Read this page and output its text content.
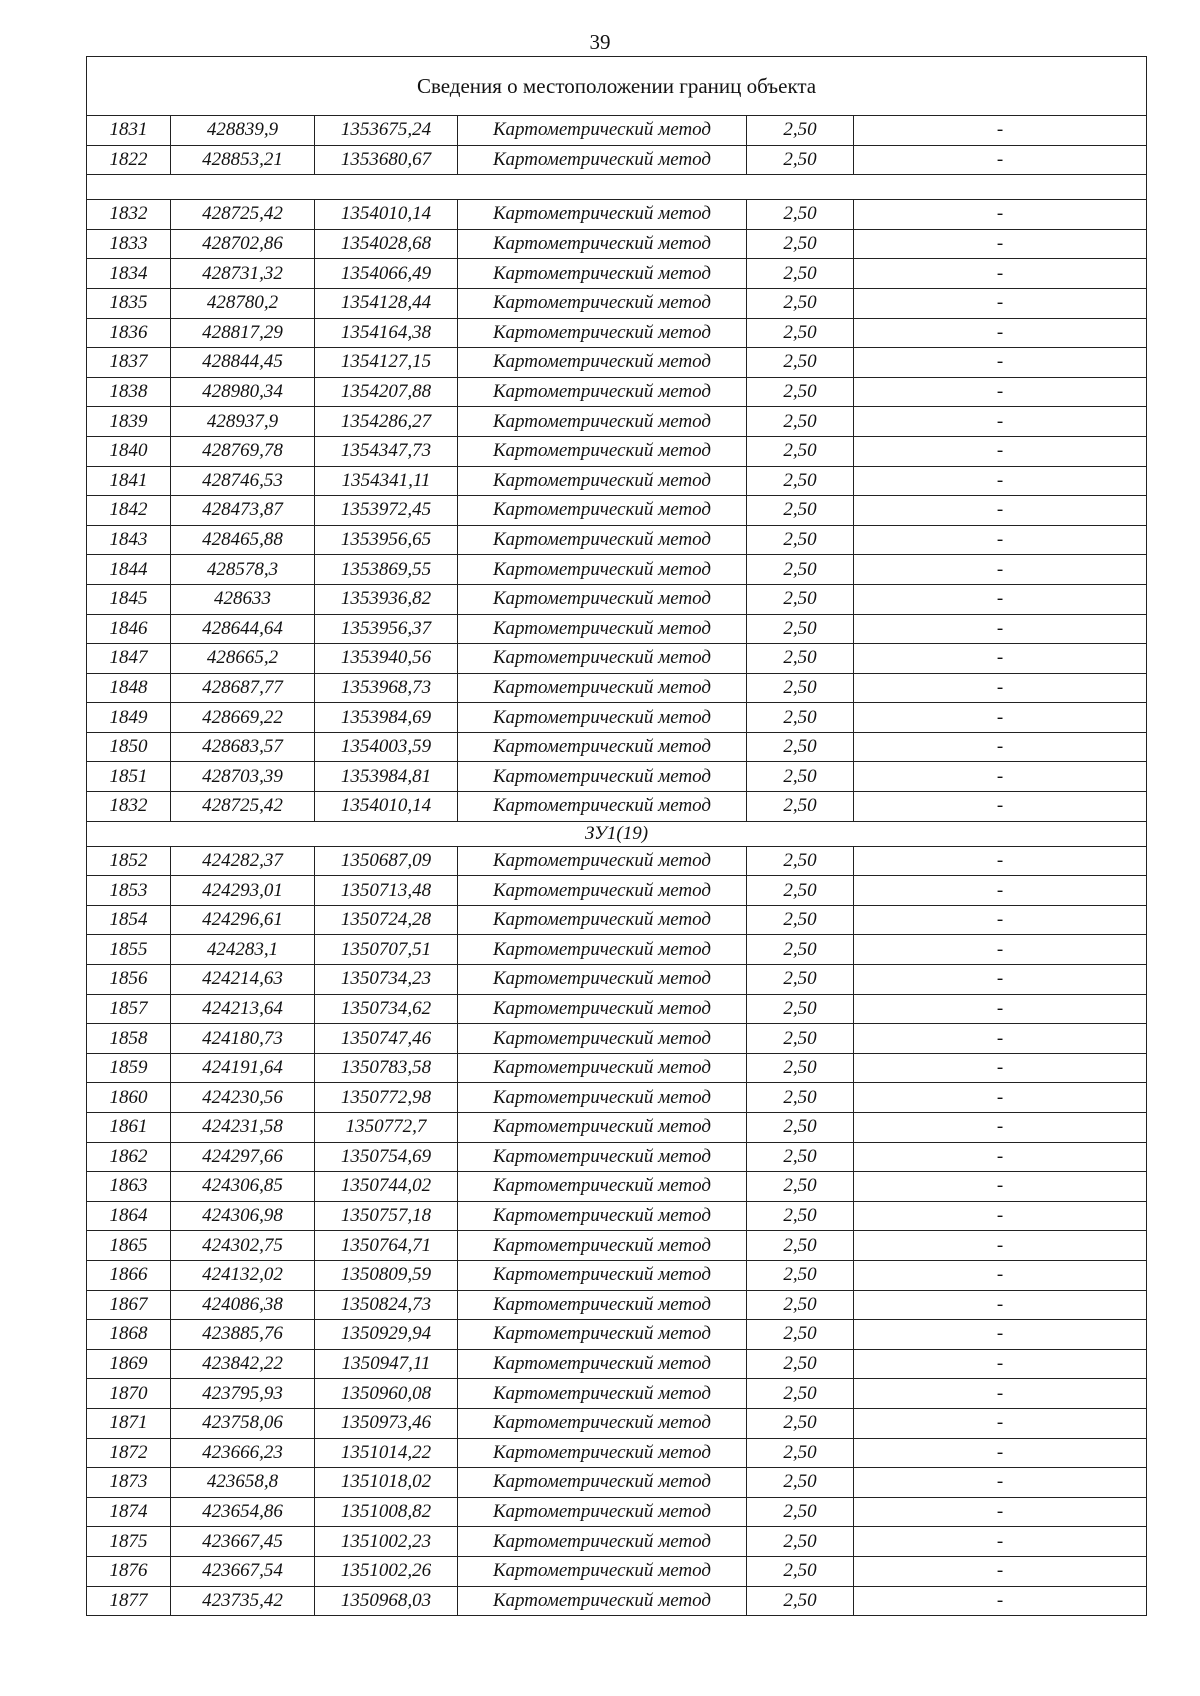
39
Сведения о местоположении границ объекта					
1831	428839,9	1353675,24	Картометрический метод	2,50	-
1822	428853,21	1353680,67	Картометрический метод	2,50	-

1832	428725,42	1354010,14	Картометрический метод	2,50	-
1833	428702,86	1354028,68	Картометрический метод	2,50	-
1834	428731,32	1354066,49	Картометрический метод	2,50	-
1835	428780,2	1354128,44	Картометрический метод	2,50	-
1836	428817,29	1354164,38	Картометрический метод	2,50	-
1837	428844,45	1354127,15	Картометрический метод	2,50	-
1838	428980,34	1354207,88	Картометрический метод	2,50	-
1839	428937,9	1354286,27	Картометрический метод	2,50	-
1840	428769,78	1354347,73	Картометрический метод	2,50	-
1841	428746,53	1354341,11	Картометрический метод	2,50	-
1842	428473,87	1353972,45	Картометрический метод	2,50	-
1843	428465,88	1353956,65	Картометрический метод	2,50	-
1844	428578,3	1353869,55	Картометрический метод	2,50	-
1845	428633	1353936,82	Картометрический метод	2,50	-
1846	428644,64	1353956,37	Картометрический метод	2,50	-
1847	428665,2	1353940,56	Картометрический метод	2,50	-
1848	428687,77	1353968,73	Картометрический метод	2,50	-
1849	428669,22	1353984,69	Картометрический метод	2,50	-
1850	428683,57	1354003,59	Картометрический метод	2,50	-
1851	428703,39	1353984,81	Картометрический метод	2,50	-
1832	428725,42	1354010,14	Картометрический метод	2,50	-
ЗУ1(19)					
1852	424282,37	1350687,09	Картометрический метод	2,50	-
1853	424293,01	1350713,48	Картометрический метод	2,50	-
1854	424296,61	1350724,28	Картометрический метод	2,50	-
1855	424283,1	1350707,51	Картометрический метод	2,50	-
1856	424214,63	1350734,23	Картометрический метод	2,50	-
1857	424213,64	1350734,62	Картометрический метод	2,50	-
1858	424180,73	1350747,46	Картометрический метод	2,50	-
1859	424191,64	1350783,58	Картометрический метод	2,50	-
1860	424230,56	1350772,98	Картометрический метод	2,50	-
1861	424231,58	1350772,7	Картометрический метод	2,50	-
1862	424297,66	1350754,69	Картометрический метод	2,50	-
1863	424306,85	1350744,02	Картометрический метод	2,50	-
1864	424306,98	1350757,18	Картометрический метод	2,50	-
1865	424302,75	1350764,71	Картометрический метод	2,50	-
1866	424132,02	1350809,59	Картометрический метод	2,50	-
1867	424086,38	1350824,73	Картометрический метод	2,50	-
1868	423885,76	1350929,94	Картометрический метод	2,50	-
1869	423842,22	1350947,11	Картометрический метод	2,50	-
1870	423795,93	1350960,08	Картометрический метод	2,50	-
1871	423758,06	1350973,46	Картометрический метод	2,50	-
1872	423666,23	1351014,22	Картометрический метод	2,50	-
1873	423658,8	1351018,02	Картометрический метод	2,50	-
1874	423654,86	1351008,82	Картометрический метод	2,50	-
1875	423667,45	1351002,23	Картометрический метод	2,50	-
1876	423667,54	1351002,26	Картометрический метод	2,50	-
1877	423735,42	1350968,03	Картометрический метод	2,50	-
